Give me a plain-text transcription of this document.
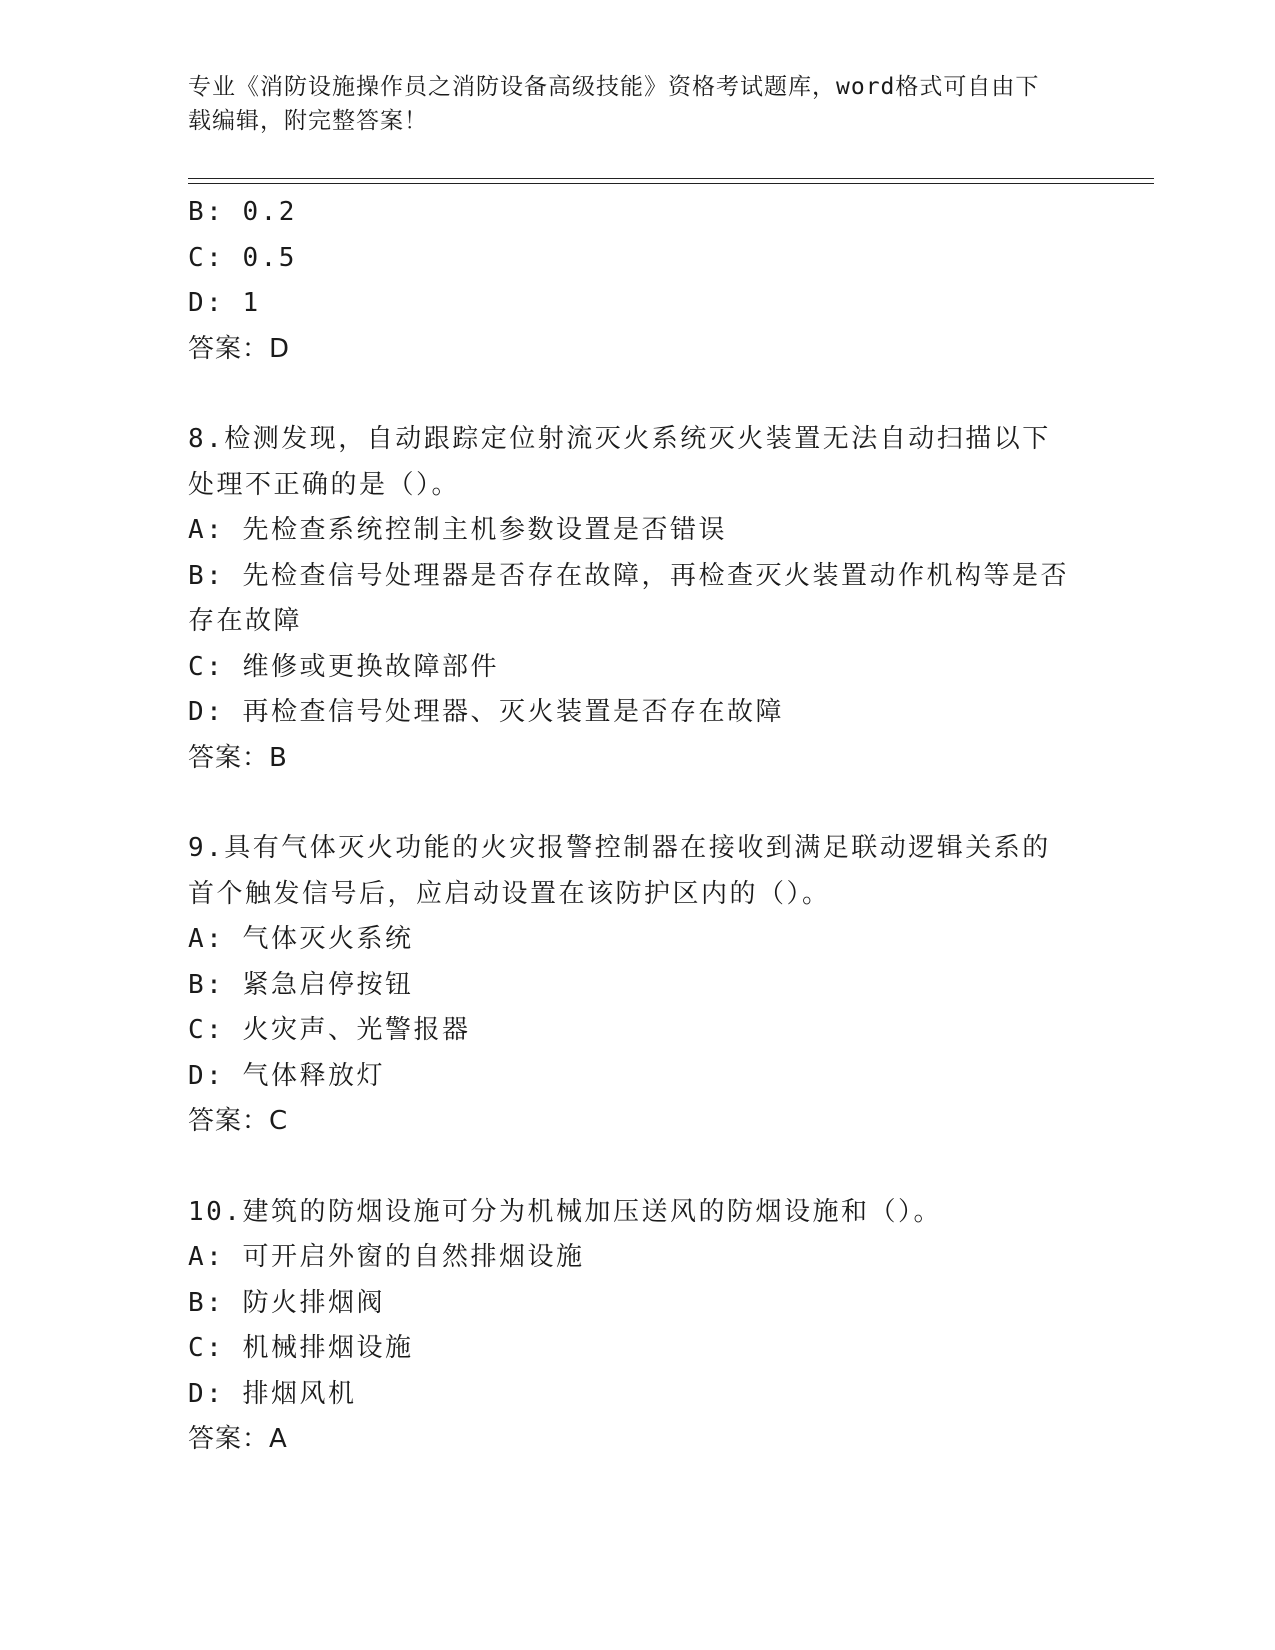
专业《消防设施操作员之消防设备高级技能》资格考试题库，word格式可自由下
载编辑，附完整答案！
B: 0.2
C: 0.5
D: 1
答案：D
8.检测发现，自动跟踪定位射流灭火系统灭火装置无法自动扫描以下
处理不正确的是（）。
A: 先检查系统控制主机参数设置是否错误
B: 先检查信号处理器是否存在故障，再检查灭火装置动作机构等是否
存在故障
C: 维修或更换故障部件
D: 再检查信号处理器、灭火装置是否存在故障
答案：B
9.具有气体灭火功能的火灾报警控制器在接收到满足联动逻辑关系的
首个触发信号后，应启动设置在该防护区内的（）。
A: 气体灭火系统
B: 紧急启停按钮
C: 火灾声、光警报器
D: 气体释放灯
答案：C
10.建筑的防烟设施可分为机械加压送风的防烟设施和（）。
A: 可开启外窗的自然排烟设施
B: 防火排烟阀
C: 机械排烟设施
D: 排烟风机
答案：A
